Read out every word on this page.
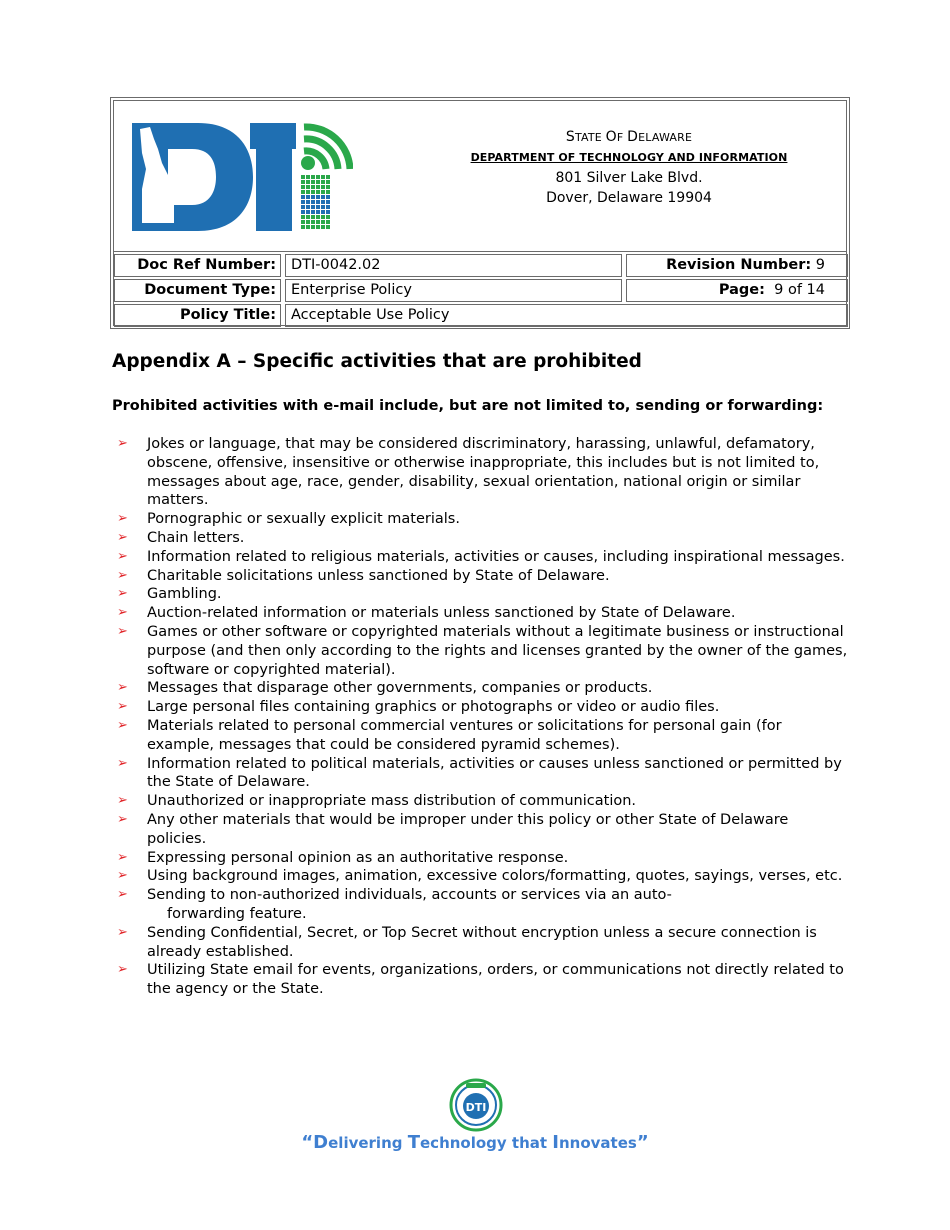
STATE OF DELAWARE
DEPARTMENT OF TECHNOLOGY AND INFORMATION
801 Silver Lake Blvd.
Dover, Delaware 19904
Doc Ref Number:	DTI-0042.02	Revision Number: 9
Document Type:	Enterprise Policy	Page: 9 of 14
Policy Title:	Acceptable Use Policy
Appendix A – Specific activities that are prohibited

Prohibited activities with e-mail include, but are not limited to, sending or forwarding:

➢ Jokes or language, that may be considered discriminatory, harassing, unlawful, defamatory, obscene, offensive, insensitive or otherwise inappropriate, this includes but is not limited to, messages about age, race, gender, disability, sexual orientation, national origin or similar matters.
➢ Pornographic or sexually explicit materials.
➢ Chain letters.
➢ Information related to religious materials, activities or causes, including inspirational messages.
➢ Charitable solicitations unless sanctioned by State of Delaware.
➢ Gambling.
➢ Auction-related information or materials unless sanctioned by State of Delaware.
➢ Games or other software or copyrighted materials without a legitimate business or instructional purpose (and then only according to the rights and licenses granted by the owner of the games, software or copyrighted material).
➢ Messages that disparage other governments, companies or products.
➢ Large personal files containing graphics or photographs or video or audio files.
➢ Materials related to personal commercial ventures or solicitations for personal gain (for example, messages that could be considered pyramid schemes).
➢ Information related to political materials, activities or causes unless sanctioned or permitted by the State of Delaware.
➢ Unauthorized or inappropriate mass distribution of communication.
➢ Any other materials that would be improper under this policy or other State of Delaware policies.
➢ Expressing personal opinion as an authoritative response.
➢ Using background images, animation, excessive colors/formatting, quotes, sayings, verses, etc.
➢ Sending to non-authorized individuals, accounts or services via an auto-
forwarding feature.
➢ Sending Confidential, Secret, or Top Secret without encryption unless a secure connection is already established.
➢ Utilizing State email for events, organizations, orders, or communications not directly related to the agency or the State.
DTI
“Delivering Technology that Innovates”
